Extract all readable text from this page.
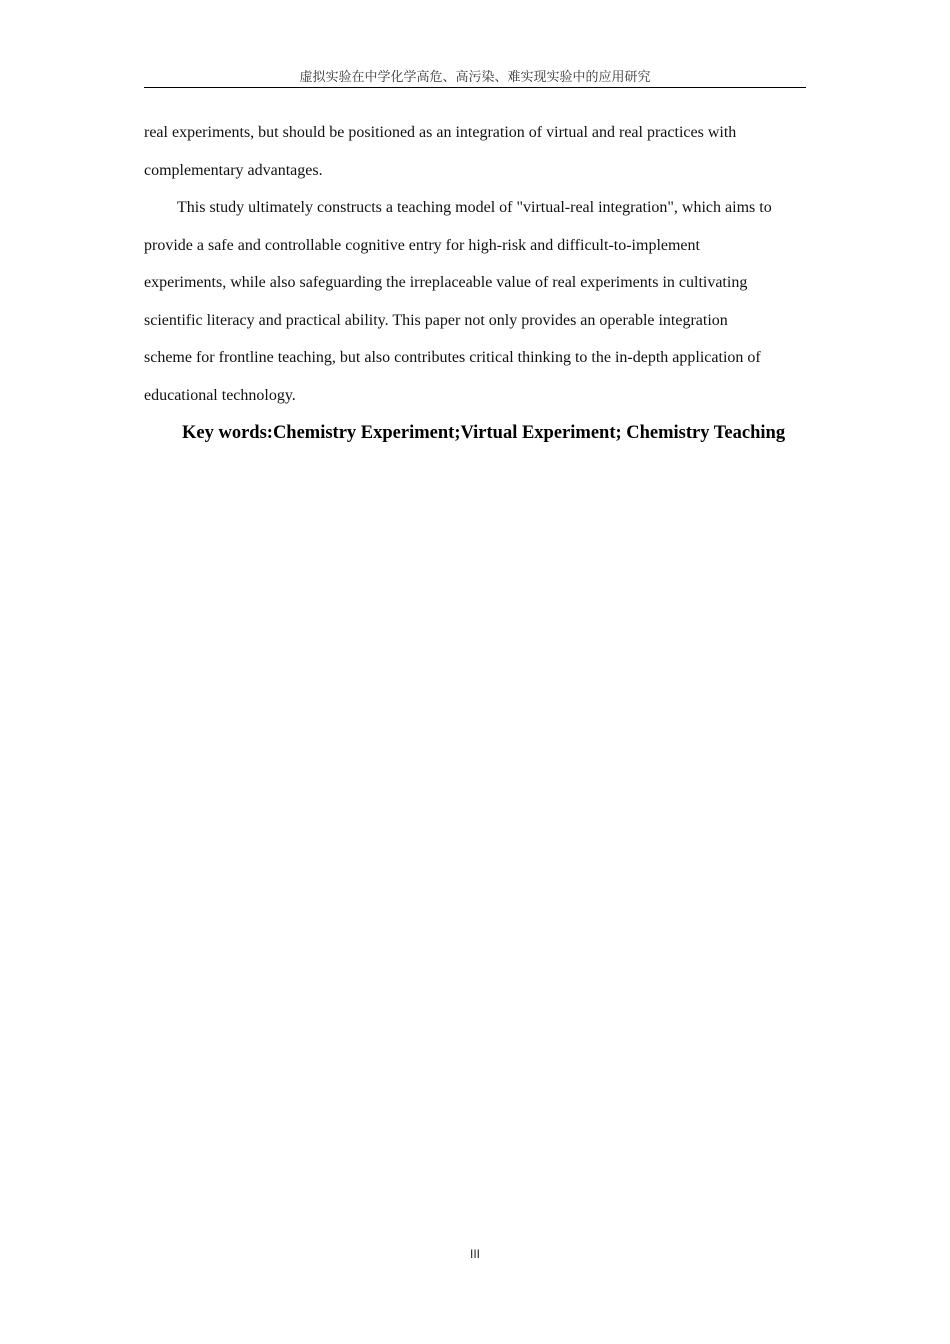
虚拟实验在中学化学高危、高污染、难实现实验中的应用研究

real experiments, but should be positioned as an integration of virtual and real practices with
complementary advantages.

This study ultimately constructs a teaching model of "virtual-real integration", which aims to
provide a safe and controllable cognitive entry for high-risk and difficult-to-implement
experiments, while also safeguarding the irreplaceable value of real experiments in cultivating
scientific literacy and practical ability. This paper not only provides an operable integration
scheme for frontline teaching, but also contributes critical thinking to the in-depth application of
educational technology.

Key words:Chemistry Experiment;Virtual Experiment; Chemistry Teaching
III
